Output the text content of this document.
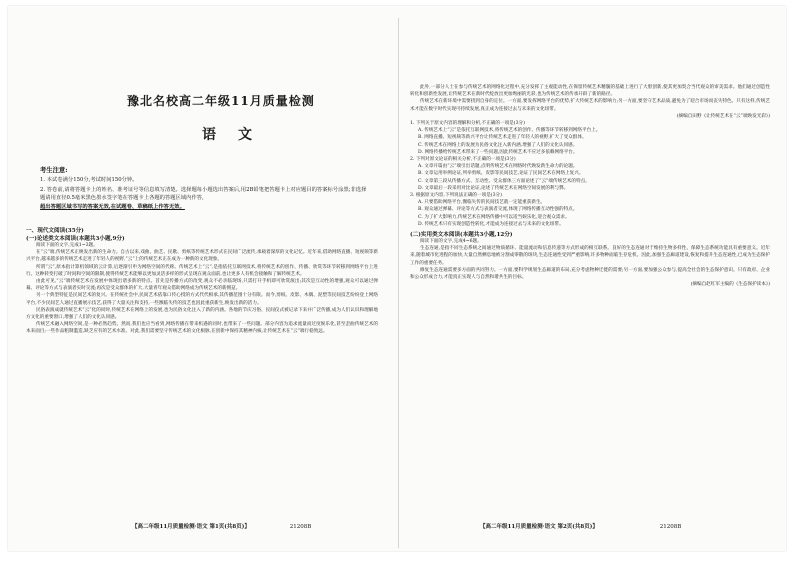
豫北名校高二年级11月质量检测
语文
考生注意:
1. 本试卷满分150分,考试时间150分钟。
2. 答卷前,请将答题卡上的姓名、准考证号等信息填写清楚。选择题每小题选出答案后,用2B铅笔把答题卡上对应题目的答案标号涂黑;非选择题请用直径0.5毫米黑色墨水签字笔在答题卡上各题的答题区域内作答,
超出答题区域书写的答案无效,在试题卷、草稿纸上作答无效。
一、现代文阅读(35分)
(一)论述类文本阅读(本题共3小题,9分)
阅读下面的文字,完成1~3题。

在“云”端,传统艺术正焕发出新的生命力。自古以来,戏曲、曲艺、民歌、剪纸等传统艺术形式在民间广泛流传,承载着深厚的文化记忆。近年来,借助网络直播、短视频等新兴平台,越来越多的传统艺术走进了年轻人的视野,“云”上的传统艺术正在成为一种新的文化现象。

所谓“云”,原本指计算机领域的云计算,后逐渐引申为网络空间的代称。传统艺术上“云”,是指依托互联网技术,将传统艺术的创作、传播、欣赏等环节转移到网络平台上进行。这种转变打破了时间和空间的限制,使得传统艺术能够以更加灵活多样的形式呈现在观众面前,也让更多人有机会接触和了解传统艺术。

由此可见,“云”端传统艺术在发展中体现出诸多新的特点。首先是传播方式的改变,观众不必亲临现场,只需打开手机即可欣赏演出;其次是互动性的增强,观众可以通过弹幕、评论等方式与表演者实时交流;再次是受众群体的扩大,大量青年观众借助网络成为传统艺术的新拥趸。

另一个典型特征是民间艺术的复兴。在传统社会中,民间艺术依靠口传心授的方式代代相承,其传播范围十分有限。而今,剪纸、皮影、木偶、泥塑等民间技艺纷纷登上网络平台,不少民间艺人通过直播展示技艺,获得了大量关注和支持,一些濒临失传的技艺也因此重获新生,焕发出新的活力。

民俗表演成就传统艺术“云”化的同时,传统艺术在网络上的发展,也为民俗文化注入了新的内涵。各地的节庆习俗、民间仪式被记录下来并广泛传播,成为人们认识和理解地方文化的重要窗口,增强了人们的文化认同感。

传统艺术融入网络空间,是一种必然趋势。然而,我们也应当看到,网络传播在带来机遇的同时,也带来了一些问题。部分内容为追求流量而过度娱乐化,甚至歪曲传统艺术的本来面目;一些作品粗制滥造,缺乏应有的艺术水准。对此,我们需要坚守传统艺术的文化根脉,在创新中保持其精神内核,让传统艺术在“云”端行稳致远。

【高二年级11月质量检测·语文 第1页(共8页)】	21208B

此外,一部分人士在参与传统艺术的网络化过程中,充分发挥了主观能动性,在保留传统艺术精髓的基础上进行了大胆创新,使其更加契合当代观众的审美需求。他们通过创造性转化和创新性发展,让传统艺术在新时代绽放出更加绚丽的光彩,也为传统艺术的传承开辟了新的路径。

传统艺术在新环境中需要找到自身的定位。一方面,要发挥网络平台的优势,扩大传统艺术的影响力;另一方面,要坚守艺术品质,避免为了迎合市场而丧失特色。只有这样,传统艺术才能在数字时代实现可持续发展,真正成为连接过去与未来的文化纽带。

(摘编自田野《让传统艺术在“云”端焕发光彩》)
1. 下列关于原文内容的理解和分析,不正确的一项是(3分)
A. 传统艺术上“云”是依托互联网技术,将传统艺术的创作、传播等环节转移到网络平台上。
B. 网络直播、短视频等新兴平台让传统艺术走进了年轻人的视野,扩大了受众群体。
C. 传统艺术在网络上的发展为民俗文化注入新内涵,增强了人们的文化认同感。
D. 网络传播给传统艺术带来了一些问题,因此传统艺术不应过多依赖网络平台。
2. 下列对原文论证的相关分析,不正确的一项是(3分)
A. 文章开篇由“云”端引出话题,点明传统艺术在网络时代焕发新生命力的论题。
B. 文章运用举例论证,列举剪纸、皮影等民间技艺,论证了民间艺术在网络上复兴。
C. 文章第三段从传播方式、互动性、受众群体三方面论述了“云”端传统艺术的特点。
D. 文章最后一段采用对比论证,论述了传统艺术在网络空间发展的利与弊。
3. 根据原文内容,下列说法正确的一项是(3分)
A. 只要借助网络平台,濒临失传的民间技艺就一定能重获新生。
B. 观众通过弹幕、评论等方式与表演者交流,体现了网络传播互动性强的特点。
C. 为了扩大影响力,传统艺术在网络传播中可以适当娱乐化,迎合观众需求。
D. 传统艺术只有实现创造性转化,才能成为连接过去与未来的文化纽带。
(二)实用类文本阅读(本题共3小题,12分)
阅读下面的文字,完成4~6题。

生态连通,是指不同生态系统之间通过物质循环、能量流动和信息传递等方式形成的相互联系。良好的生态连通对于维持生物多样性、保障生态系统功能具有重要意义。近年来,随着城市化进程的加快,大量自然栖息地被分割成零散的斑块,生态连通性受到严重影响,许多物种面临生存危机。因此,加强生态廊道建设,恢复和提升生态连通性,已成为生态保护工作的重要任务。

修复生态连通需要多方面的共同努力。一方面,要科学规划生态廊道的布局,充分考虑物种迁徙的需要;另一方面,要加强公众参与,提高全社会的生态保护意识。只有政府、企业和公众形成合力,才能真正实现人与自然和谐共生的目标。

(摘编自赵红军主编的《生态保护读本》)
【高二年级11月质量检测·语文 第2页(共8页)】	21208B
